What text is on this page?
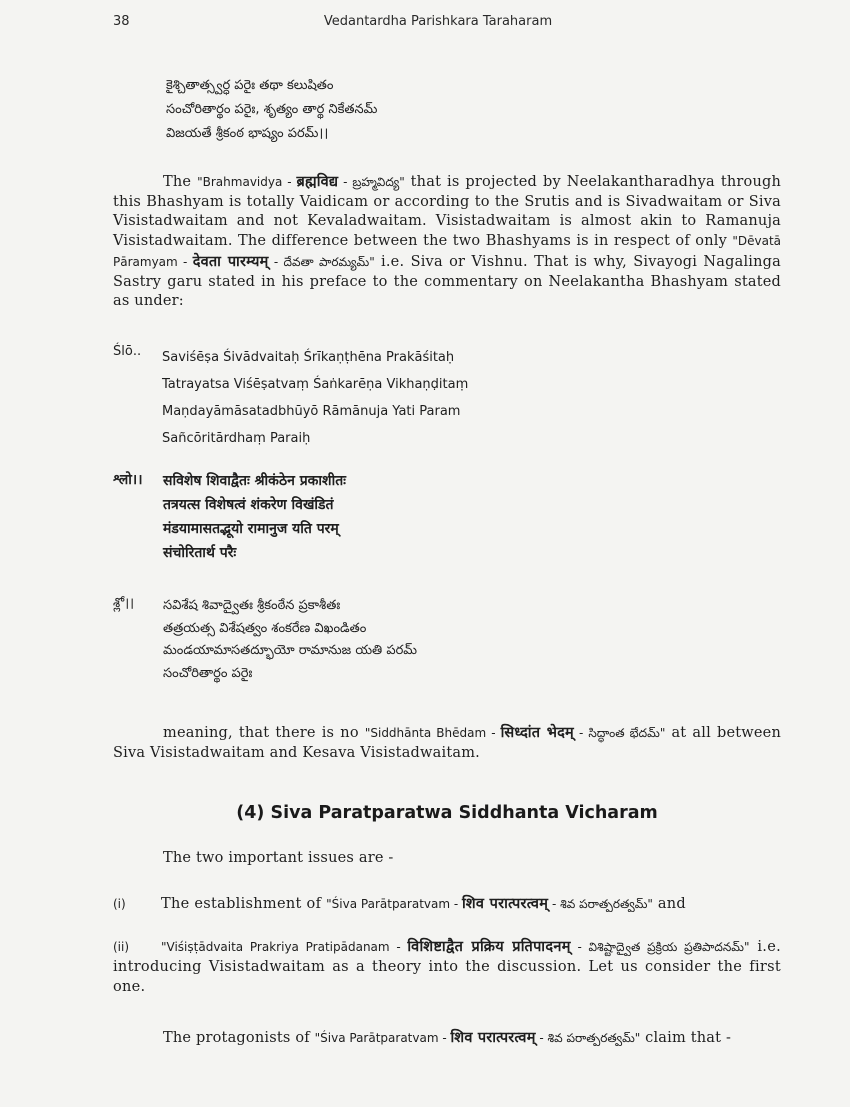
38	Vedantardha Parishkara Taraharam
కైశ్చితాత్స్వర్ధ పరైః తథా కలుషితం
సంచోరితార్థం పరైః, శృత్యం తార్థ నికేతనమ్
విజయతే శ్రీకంఠ భాష్యం పరమ్।।

The "Brahmavidya - ब्रह्मविद्य - బ్రహ్మవిద్య" that is projected by Neelakantharadhya through this Bhashyam is totally Vaidicam or according to the Srutis and is Sivadwaitam or Siva Visistadwaitam and not Kevaladwaitam. Visistadwaitam is almost akin to Ramanuja Visistadwaitam. The difference between the two Bhashyams is in respect of only "Dēvatā Pāramyam - देवता पारम्यम् - దేవతా పారమ్యమ్" i.e. Siva or Vishnu. That is why, Sivayogi Nagalinga Sastry garu stated in his preface to the commentary on Neelakantha Bhashyam stated as under:

Ślō.. Saviśēṣa Śivādvaitaḥ Śrīkaṇṭhēna Prakāśitaḥ
Tatrayatsa Viśēṣatvaṃ Śaṅkarēṇa Vikhaṇḍitaṃ
Maṇdayāmāsatadbhūyō Rāmānuja Yati Param
Sañcōritārdhaṃ Paraiḥ
श्लो।। सविशेष शिवाद्वैतः श्रीकंठेन प्रकाशीतः
तत्रयत्स विशेषत्वं शंकरेण विखंडितं
मंडयामासतद्भूयो रामानुज यति परम्
संचोरितार्थ परैः
శ్లో।। సవిశేష శివాద్వైతః శ్రీకంఠేన ప్రకాశీతః
తత్రయత్స విశేషత్వం శంకరేణ విఖండితం
మండయామాసతద్భూయో రామానుజ యతి పరమ్
సంచోరితార్థం పరైః

meaning, that there is no "Siddhānta Bhēdam - सिध्दांत भेदम् - సిద్ధాంత భేదమ్" at all between Siva Visistadwaitam and Kesava Visistadwaitam.

(4) Siva Paratparatwa Siddhanta Vicharam

The two important issues are -

(i) The establishment of "Śiva Parātparatvam - शिव परात्परत्वम् - శివ పరాత్పరత్వమ్" and

(ii)	"Viśiṣṭādvaita Prakriya Pratipādanam - विशिष्टाद्वैत प्रक्रिय प्रतिपादनम् - విశిష్టాద్వైత ప్రక్రియ ప్రతిపాదనమ్" i.e. introducing Visistadwaitam as a theory into the discussion. Let us consider the first one.

The protagonists of "Śiva Parātparatvam - शिव परात्परत्वम् - శివ పరాత్పరత్వమ్" claim that -
